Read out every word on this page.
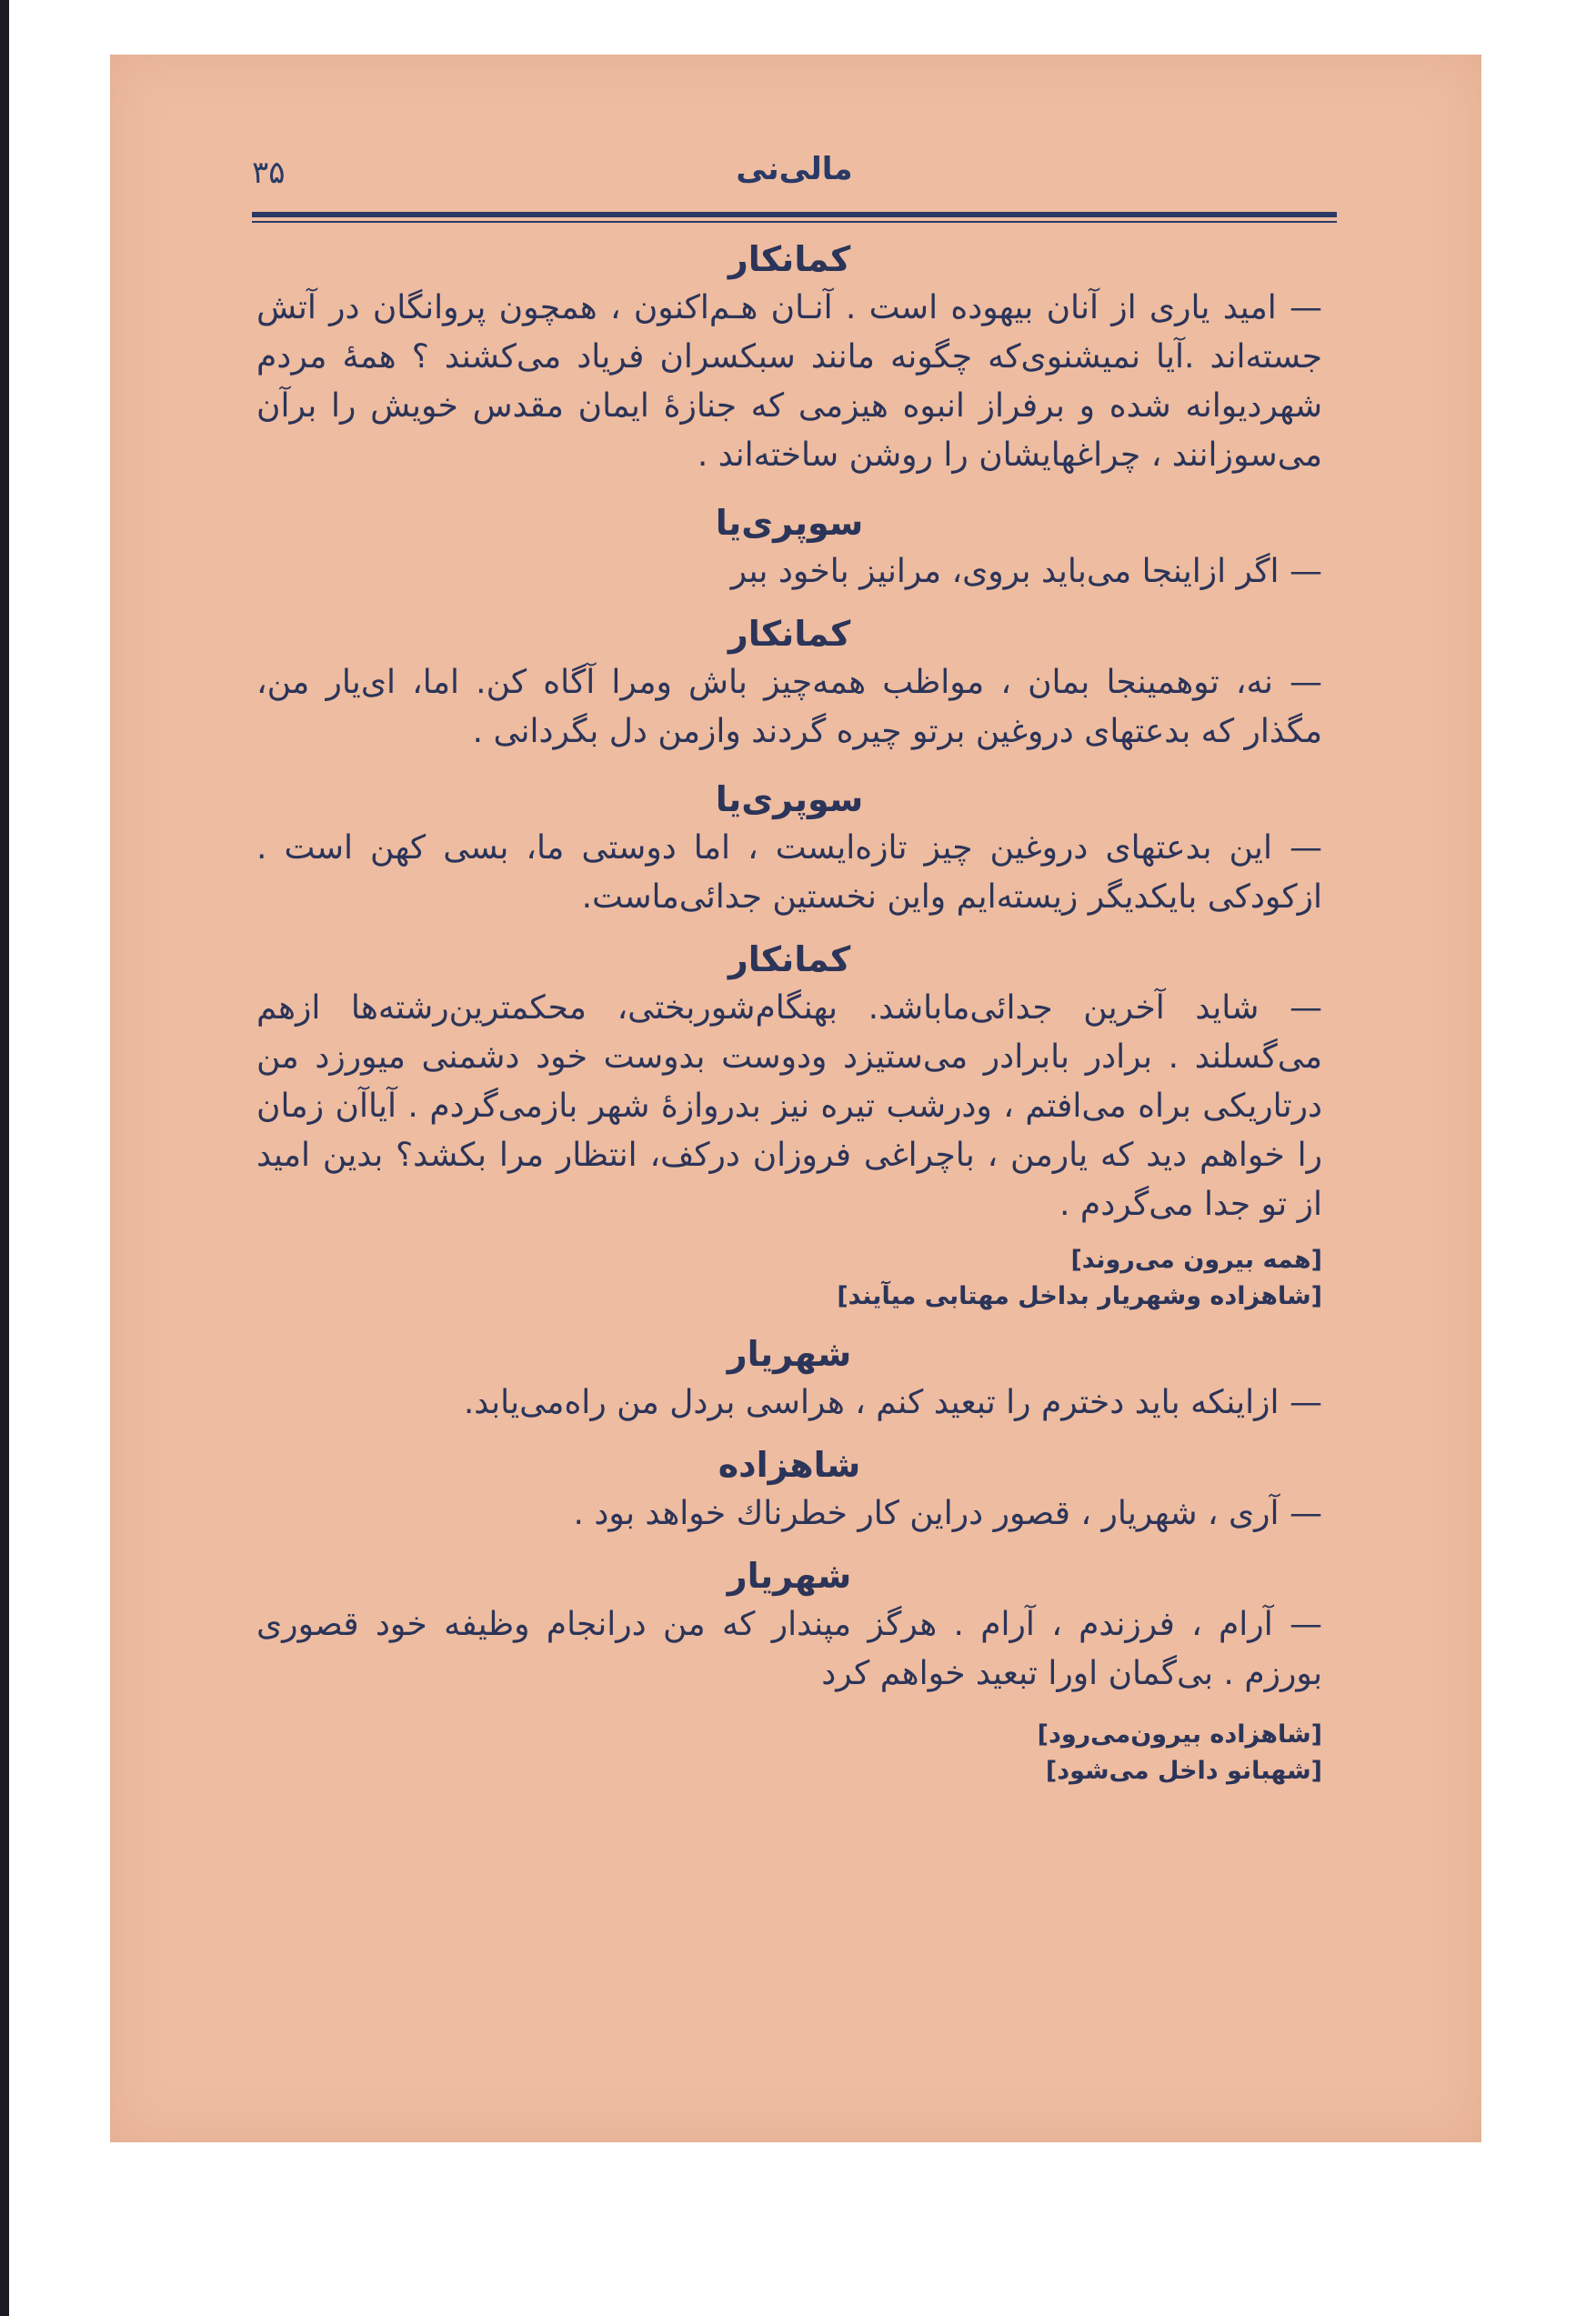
مالی‌نی
۳۵
کمانکار
— امید یاری از آنان بیهوده است . آنـان هـم‌اکنون ، همچون پروانگان در آتش جسته‌اند .آیا نمیشنوی‌که چگونه مانند سبکسران فریاد می‌کشند ؟ همهٔ مردم شهردیوانه شده و برفراز انبوه هیزمی که جنازهٔ ایمان مقدس خویش را برآن می‌سوزانند ، چراغهایشان را روشن ساخته‌اند .
سوپری‌یا
— اگر ازاینجا می‌باید بروی، مرانیز باخود ببر
کمانکار
— نه، توهمینجا بمان ، مواظب همه‌چیز باش ومرا آگاه کن. اما، ای‌یار من، مگذار که بدعتهای دروغین برتو چیره گردند وازمن دل بگردانی .
سوپری‌یا
— این بدعتهای دروغین چیز تازه‌ایست ، اما دوستی ما، بسی کهن است . ازکودکی بایکدیگر زیسته‌ایم واین نخستین جدائی‌ماست.
کمانکار
— شاید آخرین جدائی‌ماباشد. بهنگام‌شوربختی، محکمترین‌رشته‌ها ازهم می‌گسلند . برادر بابرادر می‌ستیزد ودوست بدوست خود دشمنی میورزد من درتاریکی براه می‌افتم ، ودرشب تیره نیز بدروازهٔ شهر بازمی‌گردم . آیاآن زمان را خواهم دید که یارمن ، باچراغی فروزان درکف، انتظار مرا بکشد؟ بدین امید از تو جدا می‌گردم .
[همه بیرون می‌روند]
[شاهزاده وشهریار بداخل مهتابی میآیند]
شهریار
— ازاینکه باید دخترم را تبعید کنم ، هراسی بردل من راه‌می‌یابد.
شاهزاده
— آری ، شهریار ، قصور دراین کار خطرناك خواهد بود .
شهریار
— آرام ، فرزندم ، آرام . هرگز مپندار که من درانجام وظیفه خود قصوری بورزم . بی‌گمان اورا تبعید خواهم کرد
[شاهزاده بیرون‌می‌رود]
[شهبانو داخل می‌شود]
